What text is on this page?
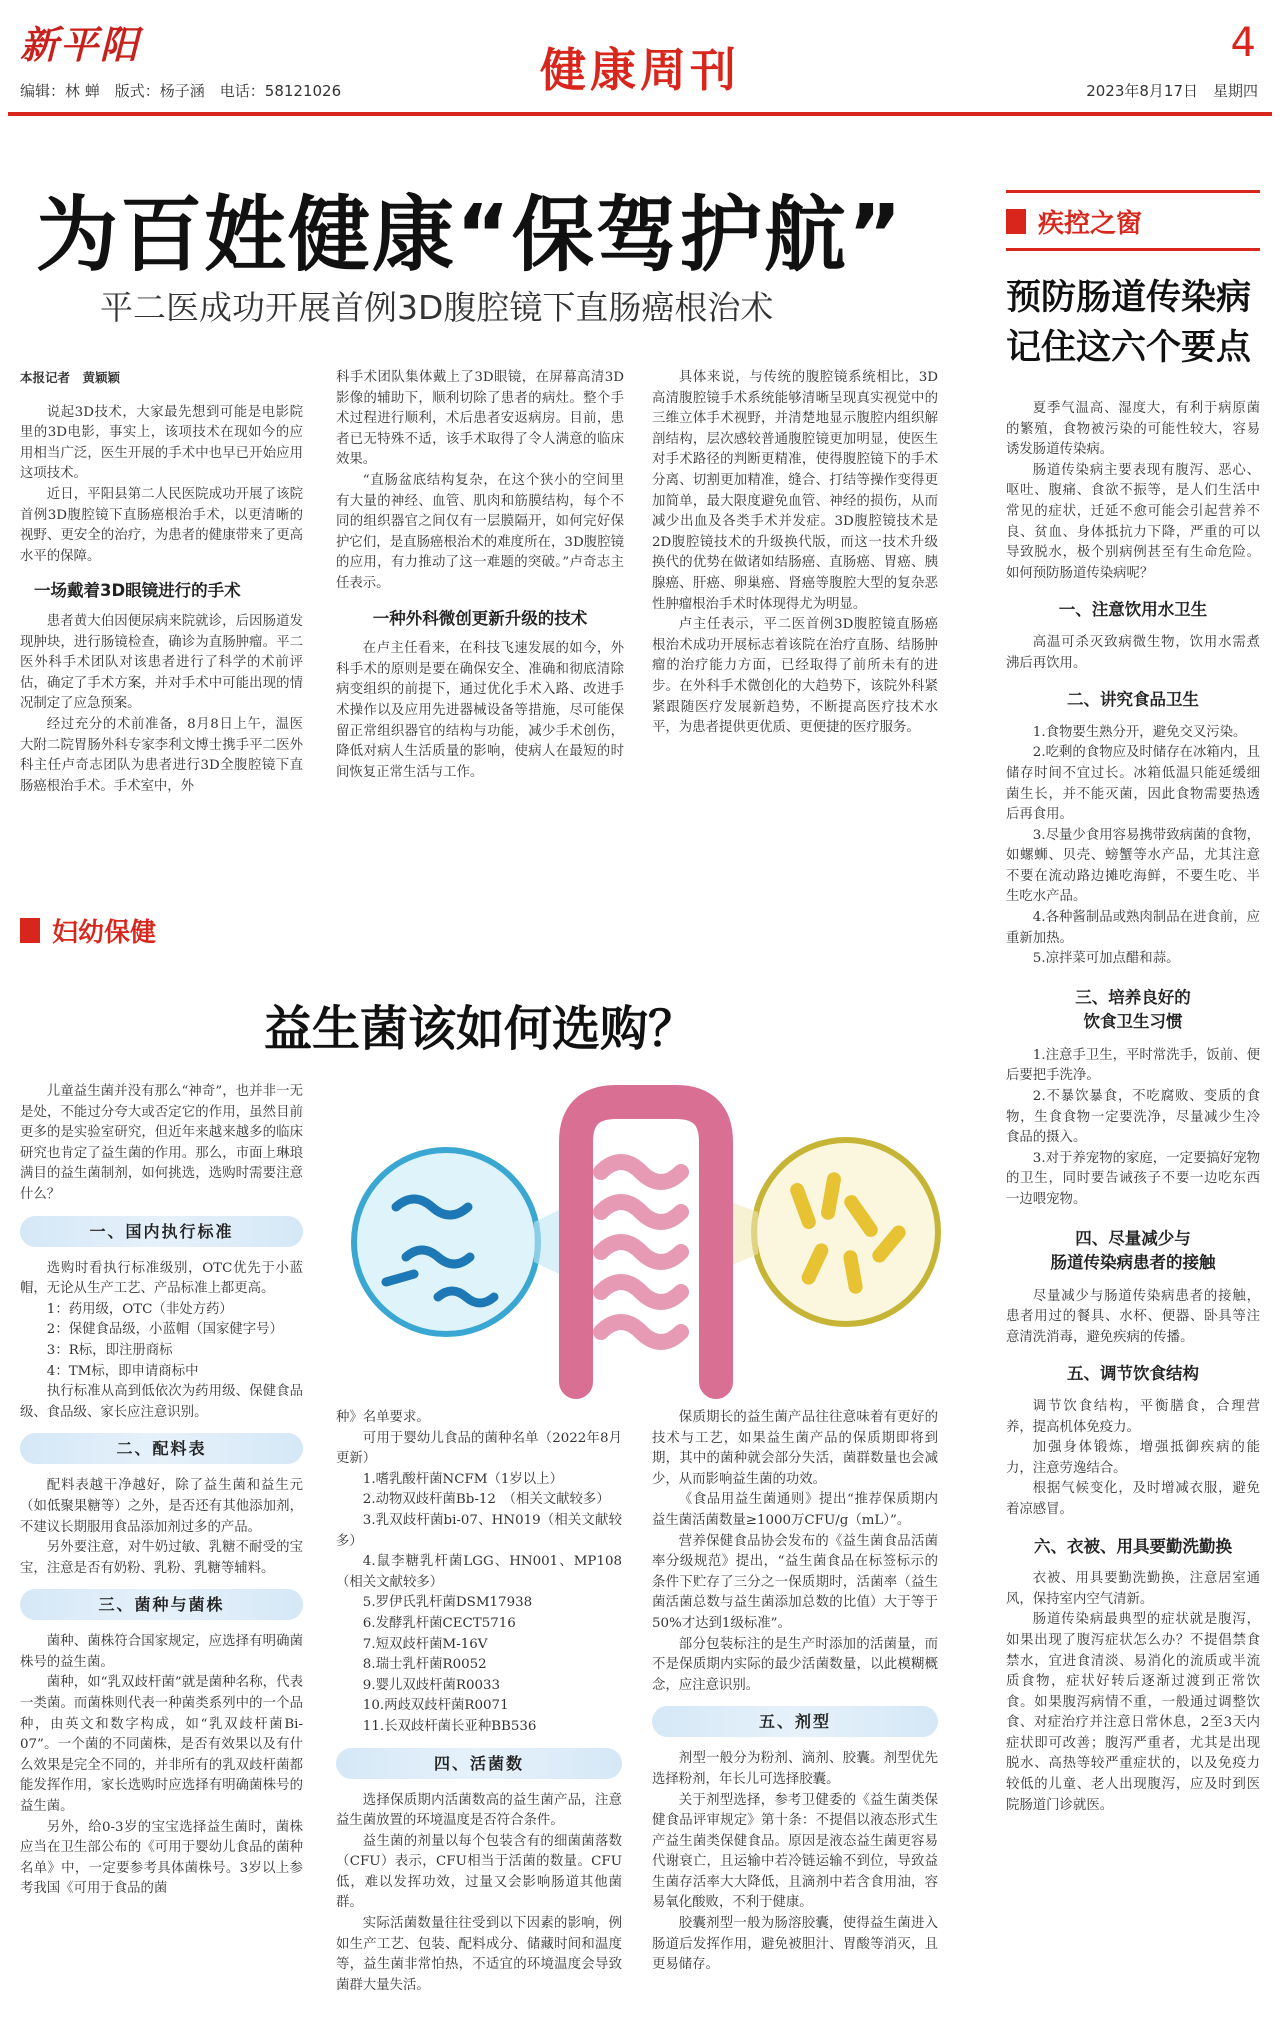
新平阳
编辑：林 蝉　版式：杨子涵　电话：58121026	健康周刊	4
2023年8月17日　星期四
为百姓健康“保驾护航”
平二医成功开展首例3D腹腔镜下直肠癌根治术

本报记者　黄颖颖

说起3D技术，大家最先想到可能是电影院里的3D电影，事实上，该项技术在现如今的应用相当广泛，医生开展的手术中也早已开始应用这项技术。

近日，平阳县第二人民医院成功开展了该院首例3D腹腔镜下直肠癌根治手术，以更清晰的视野、更安全的治疗，为患者的健康带来了更高水平的保障。

一场戴着3D眼镜进行的手术

患者黄大伯因便尿病来院就诊，后因肠道发现肿块，进行肠镜检查，确诊为直肠肿瘤。平二医外科手术团队对该患者进行了科学的术前评估，确定了手术方案，并对手术中可能出现的情况制定了应急预案。

经过充分的术前准备，8月8日上午，温医大附二院胃肠外科专家李利文博士携手平二医外科主任卢奇志团队为患者进行3D全腹腔镜下直肠癌根治手术。手术室中，外

科手术团队集体戴上了3D眼镜，在屏幕高清3D影像的辅助下，顺利切除了患者的病灶。整个手术过程进行顺利，术后患者安返病房。目前，患者已无特殊不适，该手术取得了令人满意的临床效果。

“直肠盆底结构复杂，在这个狭小的空间里有大量的神经、血管、肌肉和筋膜结构，每个不同的组织器官之间仅有一层膜隔开，如何完好保护它们，是直肠癌根治术的难度所在，3D腹腔镜的应用，有力推动了这一难题的突破。”卢奇志主任表示。

一种外科微创更新升级的技术

在卢主任看来，在科技飞速发展的如今，外科手术的原则是要在确保安全、准确和彻底清除病变组织的前提下，通过优化手术入路、改进手术操作以及应用先进器械设备等措施，尽可能保留正常组织器官的结构与功能，减少手术创伤，降低对病人生活质量的影响，使病人在最短的时间恢复正常生活与工作。

具体来说，与传统的腹腔镜系统相比，3D高清腹腔镜手术系统能够清晰呈现真实视觉中的三维立体手术视野，并清楚地显示腹腔内组织解剖结构，层次感较普通腹腔镜更加明显，使医生对手术路径的判断更精准，使得腹腔镜下的手术分离、切割更加精准，缝合、打结等操作变得更加简单，最大限度避免血管、神经的损伤，从而减少出血及各类手术并发症。3D腹腔镜技术是2D腹腔镜技术的升级换代版，而这一技术升级换代的优势在做诸如结肠癌、直肠癌、胃癌、胰腺癌、肝癌、卵巢癌、肾癌等腹腔大型的复杂恶性肿瘤根治手术时体现得尤为明显。

卢主任表示，平二医首例3D腹腔镜直肠癌根治术成功开展标志着该院在治疗直肠、结肠肿瘤的治疗能力方面，已经取得了前所未有的进步。在外科手术微创化的大趋势下，该院外科紧紧跟随医疗发展新趋势，不断提高医疗技术水平，为患者提供更优质、更便捷的医疗服务。

疾控之窗
预防肠道传染病
记住这六个要点

夏季气温高、湿度大，有利于病原菌的繁殖，食物被污染的可能性较大，容易诱发肠道传染病。

肠道传染病主要表现有腹泻、恶心、呕吐、腹痛、食欲不振等，是人们生活中常见的症状，迁延不愈可能会引起营养不良、贫血、身体抵抗力下降，严重的可以导致脱水，极个别病例甚至有生命危险。如何预防肠道传染病呢？

一、注意饮用水卫生

高温可杀灭致病微生物，饮用水需煮沸后再饮用。

二、讲究食品卫生

1.食物要生熟分开，避免交叉污染。

2.吃剩的食物应及时储存在冰箱内，且储存时间不宜过长。冰箱低温只能延缓细菌生长，并不能灭菌，因此食物需要热透后再食用。

3.尽量少食用容易携带致病菌的食物，如螺蛳、贝壳、螃蟹等水产品，尤其注意不要在流动路边摊吃海鲜，不要生吃、半生吃水产品。

4.各种酱制品或熟肉制品在进食前，应重新加热。

5.凉拌菜可加点醋和蒜。

三、培养良好的
饮食卫生习惯

1.注意手卫生，平时常洗手，饭前、便后要把手洗净。

2.不暴饮暴食，不吃腐败、变质的食物，生食食物一定要洗净，尽量减少生冷食品的摄入。

3.对于养宠物的家庭，一定要搞好宠物的卫生，同时要告诫孩子不要一边吃东西一边喂宠物。

四、尽量减少与
肠道传染病患者的接触

尽量减少与肠道传染病患者的接触，患者用过的餐具、水杯、便器、卧具等注意清洗消毒，避免疾病的传播。

五、调节饮食结构

调节饮食结构，平衡膳食，合理营养，提高机体免疫力。

加强身体锻炼，增强抵御疾病的能力，注意劳逸结合。

根据气候变化，及时增减衣服，避免着凉感冒。

六、衣被、用具要勤洗勤换

衣被、用具要勤洗勤换，注意居室通风，保持室内空气清新。

肠道传染病最典型的症状就是腹泻，如果出现了腹泻症状怎么办？不提倡禁食禁水，宜进食清淡、易消化的流质或半流质食物，症状好转后逐渐过渡到正常饮食。如果腹泻病情不重，一般通过调整饮食、对症治疗并注意日常休息，2至3天内症状即可改善；腹泻严重者，尤其是出现脱水、高热等较严重症状的，以及免疫力较低的儿童、老人出现腹泻，应及时到医院肠道门诊就医。

妇幼保健
益生菌该如何选购？

儿童益生菌并没有那么“神奇”，也并非一无是处，不能过分夸大或否定它的作用，虽然目前更多的是实验室研究，但近年来越来越多的临床研究也肯定了益生菌的作用。那么，市面上琳琅满目的益生菌制剂，如何挑选，选购时需要注意什么？

一、国内执行标准

选购时看执行标准级别，OTC优先于小蓝帽，无论从生产工艺、产品标准上都更高。

1：药用级，OTC（非处方药）

2：保健食品级，小蓝帽（国家健字号）

3：R标，即注册商标

4：TM标，即申请商标中

执行标准从高到低依次为药用级、保健食品级、食品级、家长应注意识别。

二、配料表

配料表越干净越好，除了益生菌和益生元（如低聚果糖等）之外，是否还有其他添加剂，不建议长期服用食品添加剂过多的产品。

另外要注意，对牛奶过敏、乳糖不耐受的宝宝，注意是否有奶粉、乳粉、乳糖等辅料。

三、菌种与菌株

菌种、菌株符合国家规定，应选择有明确菌株号的益生菌。

菌种，如“乳双歧杆菌”就是菌种名称，代表一类菌。而菌株则代表一种菌类系列中的一个品种，由英文和数字构成，如“乳双歧杆菌Bi-07”。一个菌的不同菌株，是否有效果以及有什么效果是完全不同的，并非所有的乳双歧杆菌都能发挥作用，家长选购时应选择有明确菌株号的益生菌。

另外，给0-3岁的宝宝选择益生菌时，菌株应当在卫生部公布的《可用于婴幼儿食品的菌种名单》中，一定要参考具体菌株号。3岁以上参考我国《可用于食品的菌

种》名单要求。

可用于婴幼儿食品的菌种名单（2022年8月更新）

1.嗜乳酸杆菌NCFM（1岁以上）

2.动物双歧杆菌Bb-12　（相关文献较多）

3.乳双歧杆菌bi-07、HN019（相关文献较多）

4.鼠李糖乳杆菌LGG、HN001、MP108（相关文献较多）

5.罗伊氏乳杆菌DSM17938

6.发酵乳杆菌CECT5716

7.短双歧杆菌M-16V

8.瑞士乳杆菌R0052

9.婴儿双歧杆菌R0033

10.两歧双歧杆菌R0071

11.长双歧杆菌长亚种BB536

四、活菌数

选择保质期内活菌数高的益生菌产品，注意益生菌放置的环境温度是否符合条件。

益生菌的剂量以每个包装含有的细菌菌落数（CFU）表示，CFU相当于活菌的数量。CFU低，难以发挥功效，过量又会影响肠道其他菌群。

实际活菌数量往往受到以下因素的影响，例如生产工艺、包装、配料成分、储藏时间和温度等，益生菌非常怕热，不适宜的环境温度会导致菌群大量失活。

保质期长的益生菌产品往往意味着有更好的技术与工艺，如果益生菌产品的保质期即将到期，其中的菌种就会部分失活，菌群数量也会减少，从而影响益生菌的功效。

《食品用益生菌通则》提出“推荐保质期内益生菌活菌数量≥1000万CFU/g（mL）”。

营养保健食品协会发布的《益生菌食品活菌率分级规范》提出，“益生菌食品在标签标示的条件下贮存了三分之一保质期时，活菌率（益生菌活菌总数与益生菌添加总数的比值）大于等于50%才达到1级标准”。

部分包装标注的是生产时添加的活菌量，而不是保质期内实际的最少活菌数量，以此模糊概念，应注意识别。

五、剂型

剂型一般分为粉剂、滴剂、胶囊。剂型优先选择粉剂，年长儿可选择胶囊。

关于剂型选择，参考卫健委的《益生菌类保健食品评审规定》第十条：不提倡以液态形式生产益生菌类保健食品。原因是液态益生菌更容易代谢衰亡，且运输中若冷链运输不到位，导致益生菌存活率大大降低，且滴剂中若含食用油，容易氧化酸败，不利于健康。

胶囊剂型一般为肠溶胶囊，使得益生菌进入肠道后发挥作用，避免被胆汁、胃酸等消灭，且更易储存。
